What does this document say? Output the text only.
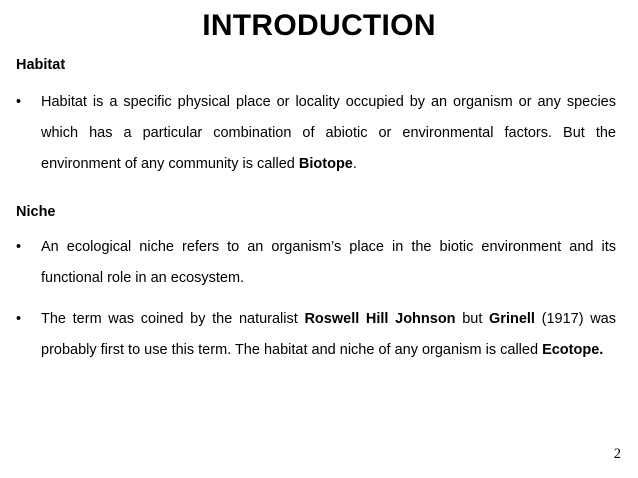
INTRODUCTION
Habitat
•	Habitat is a specific physical place or locality occupied by an organism or any species which has a particular combination of abiotic or environmental factors. But the environment of any community is called Biotope.
Niche
•	An ecological niche refers to an organism’s place in the biotic environment and its functional role in an ecosystem.
•	The term was coined by the naturalist Roswell Hill Johnson but Grinell (1917) was probably first to use this term. The habitat and niche of any organism is called Ecotope.
2
